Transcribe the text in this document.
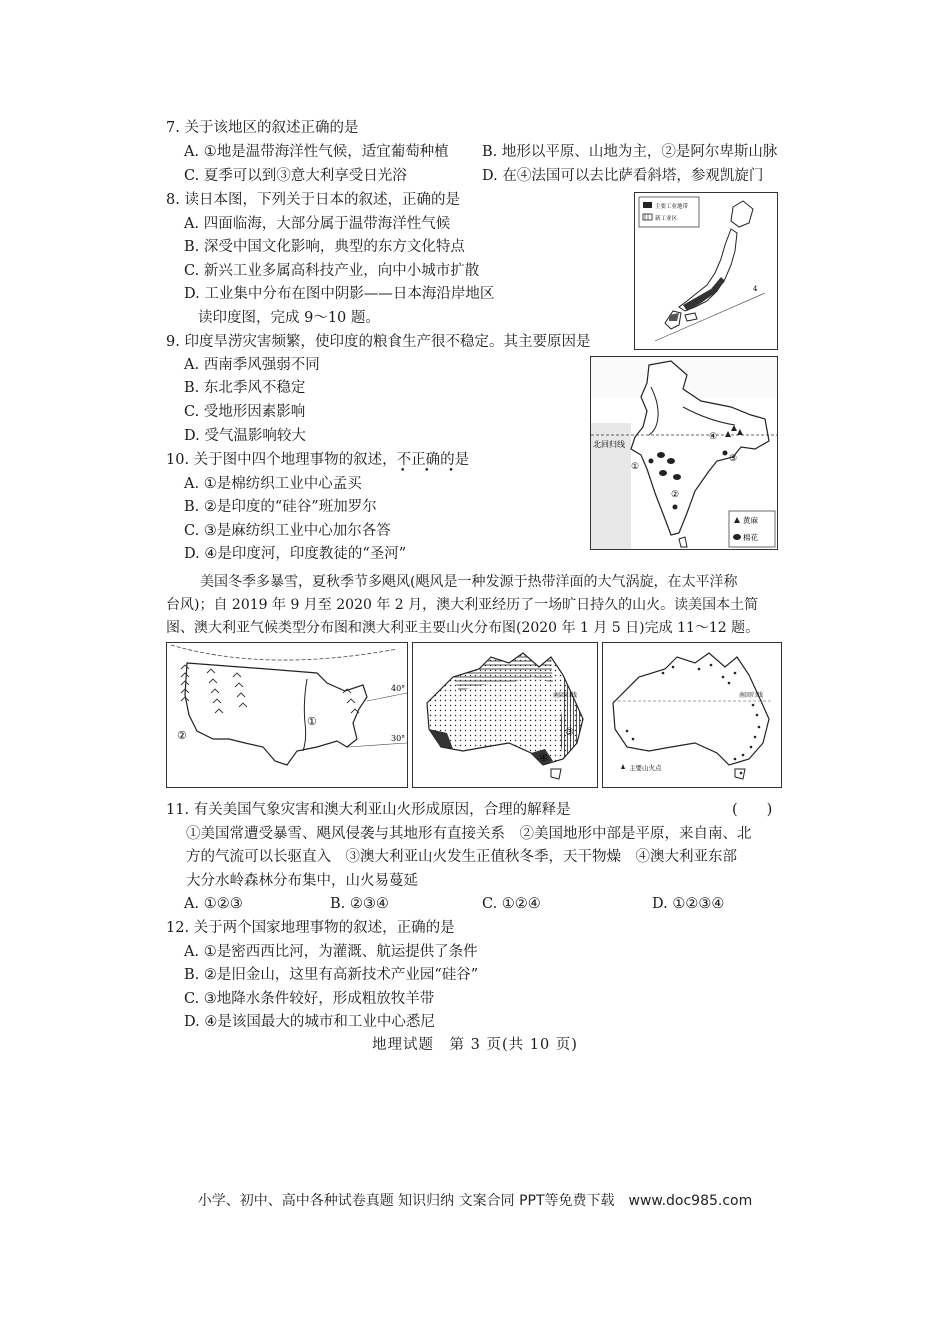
7. 关于该地区的叙述正确的是
A. ①地是温带海洋性气候，适宜葡萄种植 B. 地形以平原、山地为主，②是阿尔卑斯山脉
C. 夏季可以到③意大利享受日光浴	D. 在④法国可以去比萨看斜塔，参观凯旋门
8. 读日本图，下列关于日本的叙述，正确的是
A. 四面临海，大部分属于温带海洋性气候
B. 深受中国文化影响，典型的东方文化特点
C. 新兴工业多属高科技产业，向中小城市扩散
D. 工业集中分布在图中阴影——日本海沿岸地区
读印度图，完成 9～10 题。
主要工业地带
新工业区
4
9. 印度旱涝灾害频繁，使印度的粮食生产很不稳定。其主要原因是
A. 西南季风强弱不同
B. 东北季风不稳定
C. 受地形因素影响
D. 受气温影响较大
10. 关于图中四个地理事物的叙述，不正确的是
• • •
A. ①是棉纺织工业中心孟买
B. ②是印度的“硅谷”班加罗尔
C. ③是麻纺织工业中心加尔各答
D. ④是印度河，印度教徒的“圣河”
北回归线
①
②
③
④
黄麻
棉花
美国冬季多暴雪，夏秋季节多飓风(飓风是一种发源于热带洋面的大气涡旋，在太平洋称
台风)；自 2019 年 9 月至 2020 年 2 月，澳大利亚经历了一场旷日持久的山火。读美国本土简
图、澳大利亚气候类型分布图和澳大利亚主要山火分布图(2020 年 1 月 5 日)完成 11～12 题。
40°
30°
①
②	③
④
南回归线	南回归线
主要山火点
11. 有关美国气象灾害和澳大利亚山火形成原因，合理的解释是	(　　)
①美国常遭受暴雪、飓风侵袭与其地形有直接关系　②美国地形中部是平原，来自南、北
方的气流可以长驱直入　③澳大利亚山火发生正值秋冬季，天干物燥　④澳大利亚东部
大分水岭森林分布集中，山火易蔓延
A. ①②③	B. ②③④	C. ①②④	D. ①②③④
12. 关于两个国家地理事物的叙述，正确的是
A. ①是密西西比河，为灌溉、航运提供了条件
B. ②是旧金山，这里有高新技术产业园“硅谷”
C. ③地降水条件较好，形成粗放牧羊带
D. ④是该国最大的城市和工业中心悉尼
地理试题　第 3 页(共 10 页)
小学、初中、高中各种试卷真题 知识归纳 文案合同 PPT等免费下载　www.doc985.com
